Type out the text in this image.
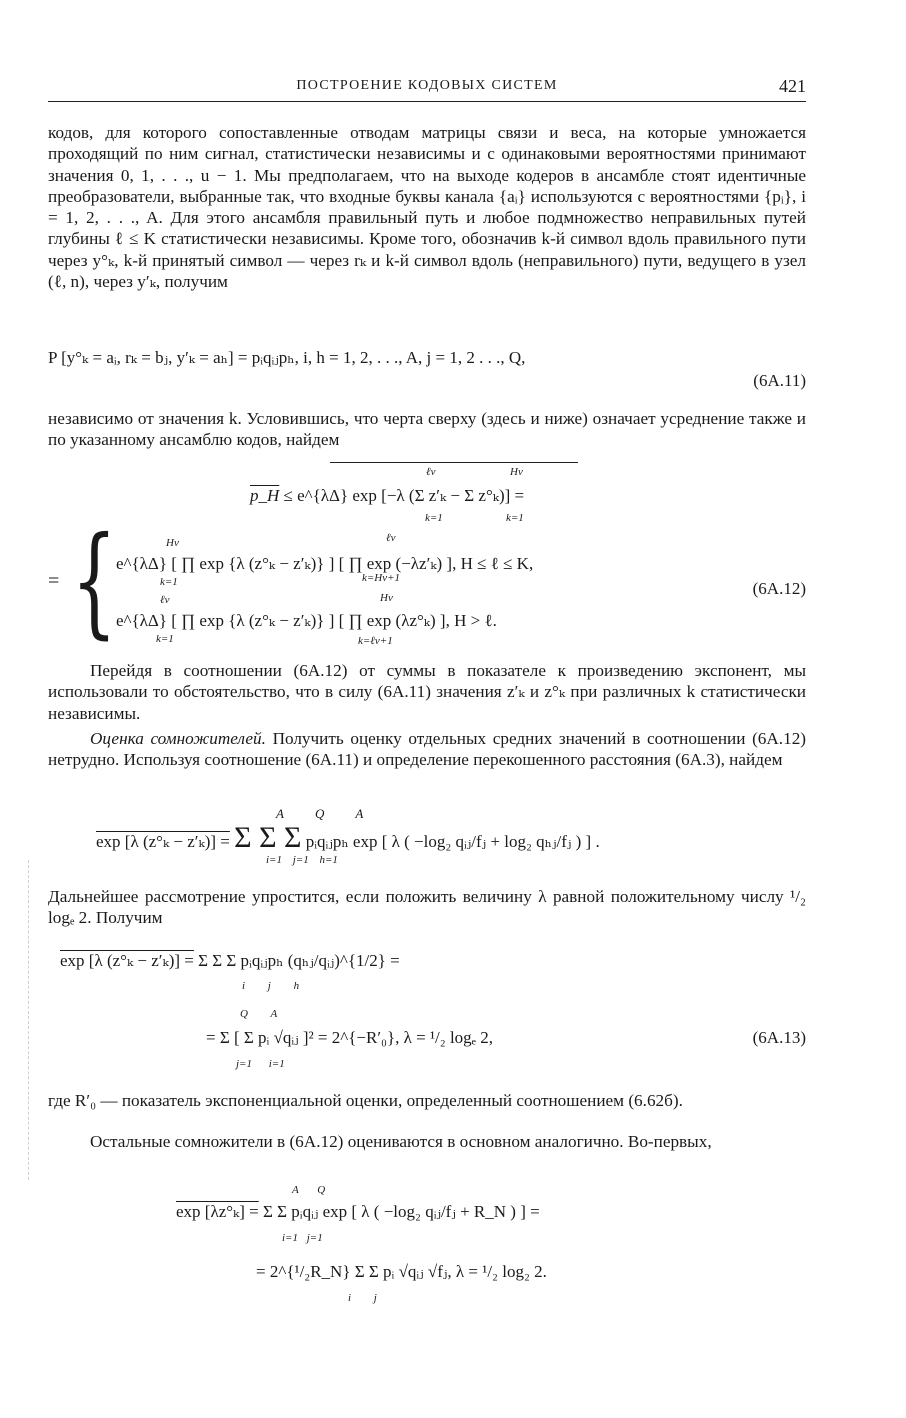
ПОСТРОЕНИЕ КОДОВЫХ СИСТЕМ	421

кодов, для которого сопоставленные отводам матрицы связи и веса, на которые умножается проходящий по ним сигнал, статистически независимы и с одинаковыми вероятностями принимают значения 0, 1, . . ., u − 1. Мы предполагаем, что на выходе кодеров в ансамбле стоят идентичные преобразователи, выбранные так, что входные буквы канала {aᵢ} используются с вероятностями {pᵢ}, i = 1, 2, . . ., A. Для этого ансамбля правильный путь и любое подмножество неправильных путей глубины ℓ ≤ K статистически независимы. Кроме того, обозначив k-й символ вдоль правильного пути через y°ₖ, k-й принятый символ — через rₖ и k-й символ вдоль (неправильного) пути, ведущего в узел (ℓ, n), через y′ₖ, получим

P [y°ₖ = aᵢ, rₖ = bⱼ, y′ₖ = aₕ] = pᵢqᵢⱼpₕ, i, h = 1, 2, . . ., A, j = 1, 2 . . ., Q,
(6А.11)

независимо от значения k. Условившись, что черта сверху (здесь и ниже) означает усреднение также и по указанному ансамблю кодов, найдем

ℓv	Hv
p_H ≤ e^{λΔ} exp [−λ (Σ z′ₖ − Σ z°ₖ)] =
k=1	k=1
= {	Hv	ℓv
e^{λΔ} [ ∏ exp {λ (z°ₖ − z′ₖ)} ] [ ∏ exp (−λz′ₖ) ], H ≤ ℓ ≤ K,
k=1	k=Hv+1
(6А.12)
ℓv	Hv
e^{λΔ} [ ∏ exp {λ (z°ₖ − z′ₖ)} ] [ ∏ exp (λz°ₖ) ], H > ℓ.
k=1	k=ℓv+1

Перейдя в соотношении (6А.12) от суммы в показателе к произведению экспонент, мы использовали то обстоятельство, что в силу (6А.11) значения z′ₖ и z°ₖ при различных k статистически независимы.

Оценка сомножителей. Получить оценку отдельных средних значений в соотношении (6А.12) нетрудно. Используя соотношение (6А.11) и определение перекошенного расстояния (6А.3), найдем

A Q A
exp [λ (z°ₖ − z′ₖ)] = Σ Σ Σ pᵢqᵢⱼpₕ exp [ λ ( −log₂ qᵢⱼ/fⱼ + log₂ qₕⱼ/fⱼ ) ] .
i=1 j=1 h=1

Дальнейшее рассмотрение упростится, если положить величину λ равной положительному числу ¹/₂ logₑ 2. Получим

exp [λ (z°ₖ − z′ₖ)] = Σ Σ Σ pᵢqᵢⱼpₕ (qₕⱼ/qᵢⱼ)^{1/2} =
i j h
Q A
= Σ [ Σ pᵢ √qᵢⱼ ]² = 2^{−R′₀}, λ = ¹/₂ logₑ 2,
j=1 i=1
(6А.13)

где R′₀ — показатель экспоненциальной оценки, определенный соотношением (6.62б).

Остальные сомножители в (6А.12) оцениваются в основном аналогично. Во-первых,

A Q
exp [λz°ₖ] = Σ Σ pᵢqᵢⱼ exp [ λ ( −log₂ qᵢⱼ/fⱼ + R_N ) ] =
i=1 j=1
= 2^{¹/₂R_N} Σ Σ pᵢ √qᵢⱼ √fⱼ, λ = ¹/₂ log₂ 2.
i j
